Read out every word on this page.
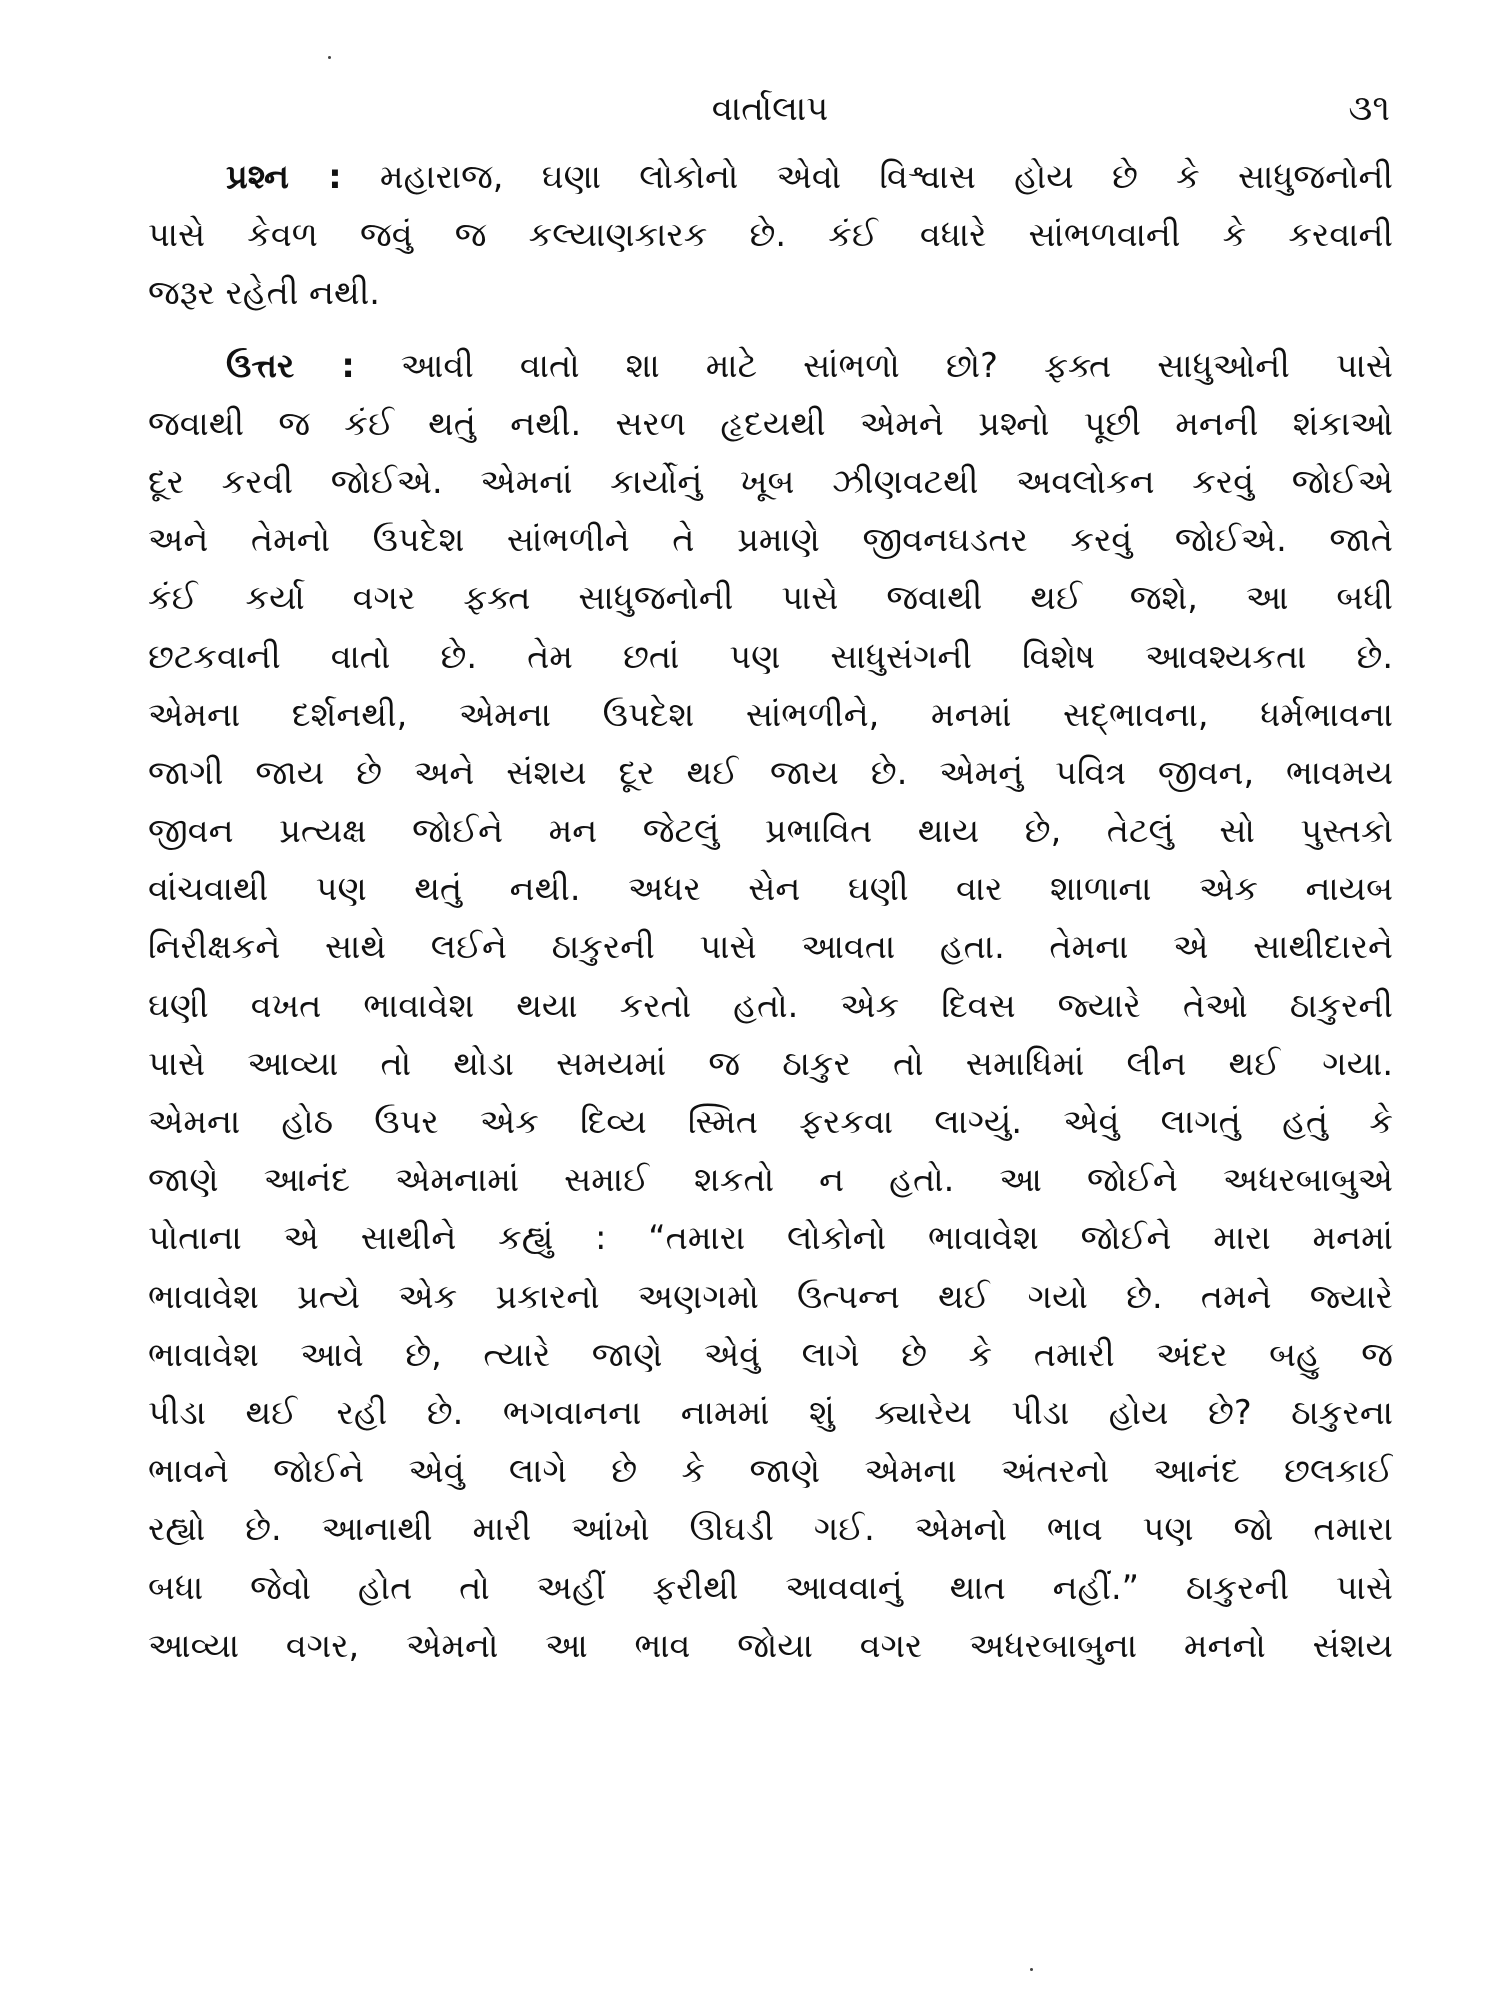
વાર્તાલાપ	૩૧
પ્રશ્ન : મહારાજ, ઘણા લોકોનો એવો વિશ્વાસ હોય છે કે સાધુજનોની
પાસે કેવળ જવું જ કલ્યાણકારક છે. કંઈ વધારે સાંભળવાની કે કરવાની
જરૂર રહેતી નથી.
ઉત્તર : આવી વાતો શા માટે સાંભળો છો? ફક્ત સાધુઓની પાસે
જવાથી જ કંઈ થતું નથી. સરળ હૃદયથી એમને પ્રશ્નો પૂછી મનની શંકાઓ
દૂર કરવી જોઈએ. એમનાં કાર્યોનું ખૂબ ઝીણવટથી અવલોકન કરવું જોઈએ
અને તેમનો ઉપદેશ સાંભળીને તે પ્રમાણે જીવનઘડતર કરવું જોઈએ. જાતે
કંઈ કર્યા વગર ફક્ત સાધુજનોની પાસે જવાથી થઈ જશે, આ બધી
છટકવાની વાતો છે. તેમ છતાં પણ સાધુસંગની વિશેષ આવશ્યકતા છે.
એમના દર્શનથી, એમના ઉપદેશ સાંભળીને, મનમાં સદ્‌ભાવના, ધર્મભાવના
જાગી જાય છે અને સંશય દૂર થઈ જાય છે. એમનું પવિત્ર જીવન, ભાવમય
જીવન પ્રત્યક્ષ જોઈને મન જેટલું પ્રભાવિત થાય છે, તેટલું સો પુસ્તકો
વાંચવાથી પણ થતું નથી. અધર સેન ઘણી વાર શાળાના એક નાયબ
નિરીક્ષકને સાથે લઈને ઠાકુરની પાસે આવતા હતા. તેમના એ સાથીદારને
ઘણી વખત ભાવાવેશ થયા કરતો હતો. એક દિવસ જ્યારે તેઓ ઠાકુરની
પાસે આવ્યા તો થોડા સમયમાં જ ઠાકુર તો સમાધિમાં લીન થઈ ગયા.
એમના હોઠ ઉપર એક દિવ્ય સ્મિત ફરકવા લાગ્યું. એવું લાગતું હતું કે
જાણે આનંદ એમનામાં સમાઈ શકતો ન હતો. આ જોઈને અધરબાબુએ
પોતાના એ સાથીને કહ્યું : “તમારા લોકોનો ભાવાવેશ જોઈને મારા મનમાં
ભાવાવેશ પ્રત્યે એક પ્રકારનો અણગમો ઉત્પન્ન થઈ ગયો છે. તમને જ્યારે
ભાવાવેશ આવે છે, ત્યારે જાણે એવું લાગે છે કે તમારી અંદર બહુ જ
પીડા થઈ રહી છે. ભગવાનના નામમાં શું ક્યારેય પીડા હોય છે? ઠાકુરના
ભાવને જોઈને એવું લાગે છે કે જાણે એમના અંતરનો આનંદ છલકાઈ
રહ્યો છે. આનાથી મારી આંખો ઊઘડી ગઈ. એમનો ભાવ પણ જો તમારા
બધા જેવો હોત તો અહીં ફરીથી આવવાનું થાત નહીં.” ઠાકુરની પાસે
આવ્યા વગર, એમનો આ ભાવ જોયા વગર અધરબાબુના મનનો સંશય
